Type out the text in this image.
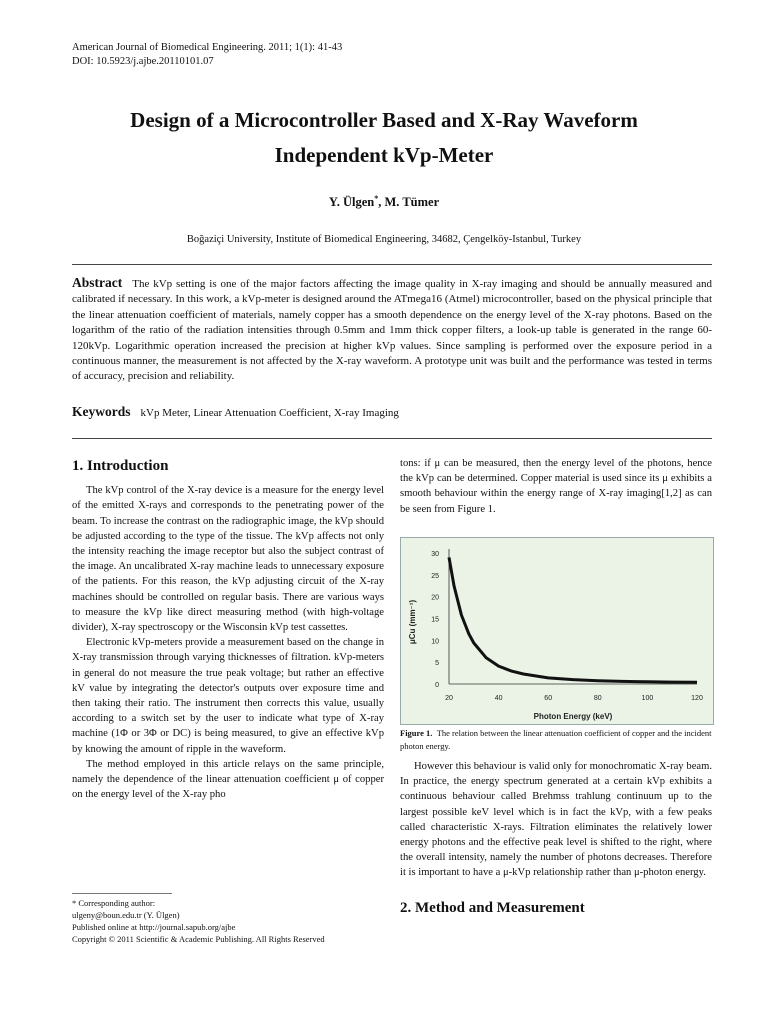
American Journal of Biomedical Engineering. 2011; 1(1): 41-43
DOI: 10.5923/j.ajbe.20110101.07
Design of a Microcontroller Based and X-Ray Waveform
Independent kVp-Meter
Y. Ülgen*, M. Tümer
Boğaziçi University, Institute of Biomedical Engineering, 34682, Çengelköy-Istanbul, Turkey
Abstract The kVp setting is one of the major factors affecting the image quality in X-ray imaging and should be annually measured and calibrated if necessary. In this work, a kVp-meter is designed around the ATmega16 (Atmel) microcontroller, based on the physical principle that the linear attenuation coefficient of materials, namely copper has a smooth dependence on the energy level of the X-ray photons. Based on the logarithm of the ratio of the radiation intensities through 0.5mm and 1mm thick copper filters, a look-up table is generated in the range 60-120kVp. Logarithmic operation increased the precision at higher kVp values. Since sampling is performed over the exposure period in a continuous manner, the measurement is not affected by the X-ray waveform. A prototype unit was built and the performance was tested in terms of accuracy, precision and reliability.
Keywords kVp Meter, Linear Attenuation Coefficient, X-ray Imaging
1. Introduction

The kVp control of the X-ray device is a measure for the energy level of the emitted X-rays and corresponds to the penetrating power of the beam. To increase the contrast on the radiographic image, the kVp should be adjusted according to the type of the tissue. The kVp affects not only the intensity reaching the image receptor but also the subject contrast of the image. An uncalibrated X-ray machine leads to unnecessary exposure of the patients. For this reason, the kVp adjusting circuit of the X-ray machines should be controlled on regular basis. There are various ways to measure the kVp like direct measuring method (with high-voltage divider), X-ray spectroscopy or the Wisconsin kVp test cassettes.

Electronic kVp-meters provide a measurement based on the change in X-ray transmission through varying thicknesses of filtration. kVp-meters in general do not measure the true peak voltage; but rather an effective kV value by integrating the detector's outputs over exposure time and then taking their ratio. The instrument then corrects this value, usually according to a switch set by the user to indicate what type of X-ray machine (1Φ or 3Φ or DC) is being measured, to give an effective kVp by knowing the amount of ripple in the waveform.

The method employed in this article relays on the same principle, namely the dependence of the linear attenuation coefficient μ of copper on the energy level of the X-ray pho

* Corresponding author:
ulgeny@boun.edu.tr (Y. Ülgen)
Published online at http://journal.sapub.org/ajbe
Copyright © 2011 Scientific & Academic Publishing. All Rights Reserved

tons: if μ can be measured, then the energy level of the photons, hence the kVp can be determined. Copper material is used since its μ exhibits a smooth behaviour within the energy range of X-ray imaging[1,2] as can be seen from Figure 1.

0
5
10
15
20
25
30
20	40	60	80	100	120
μCu (mm⁻¹)
Photon Energy (keV)
Figure 1. The relation between the linear attenuation coefficient of copper and the incident photon energy.

However this behaviour is valid only for monochromatic X-ray beam. In practice, the energy spectrum generated at a certain kVp exhibits a continuous behaviour called Brehmss trahlung continuum up to the largest possible keV level which is in fact the kVp, with a few peaks called characteristic X-rays. Filtration eliminates the relatively lower energy photons and the effective peak level is shifted to the right, where the overall intensity, namely the number of photons decreases. Therefore it is important to have a μ-kVp relationship rather than μ-photon energy.

2. Method and Measurement
